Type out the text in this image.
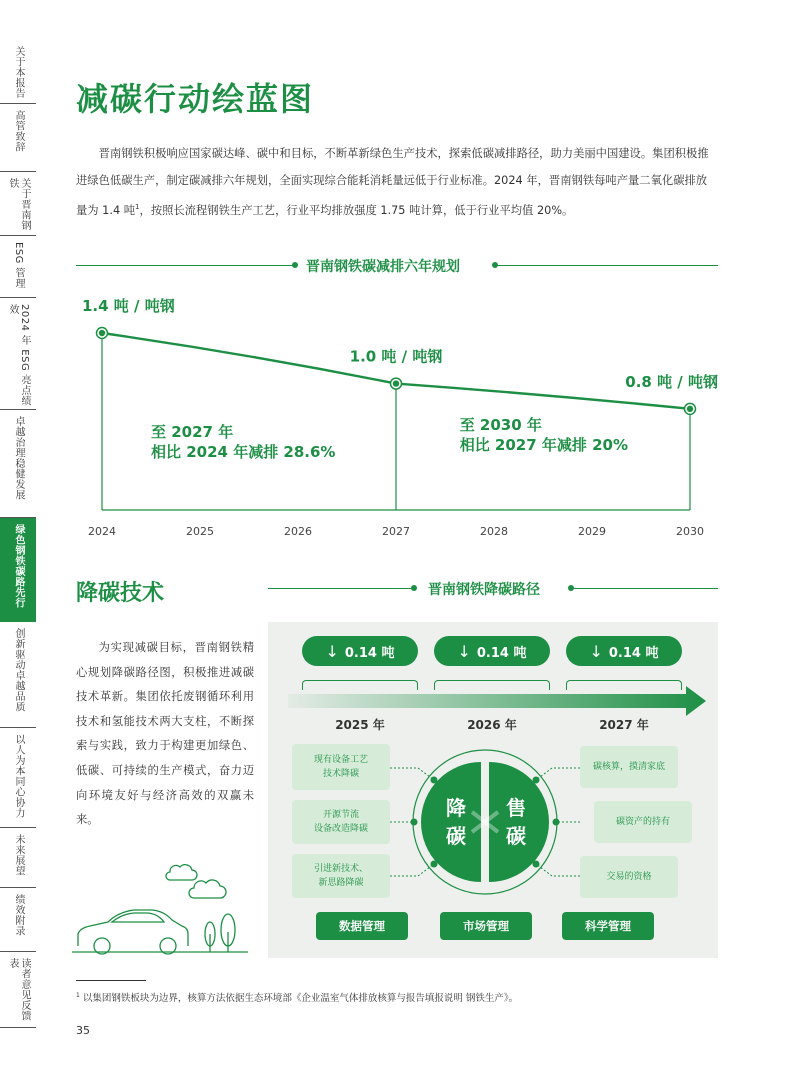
关于本报告
高管致辞
关于晋南钢铁
ESG 管理
2024 年 ESG 亮点绩效
卓越治理稳健发展
绿色钢铁碳路先行
创新驱动卓越品质
以人为本同心协力
未来展望
绩效附录
读者意见反馈表
减碳行动绘蓝图

晋南钢铁积极响应国家碳达峰、碳中和目标，不断革新绿色生产技术，探索低碳减排路径，助力美丽中国建设。集团积极推进绿色低碳生产，制定碳减排六年规划，全面实现综合能耗消耗量远低于行业标准。2024 年，晋南钢铁每吨产量二氧化碳排放量为 1.4 吨$^1$，按照长流程钢铁生产工艺，行业平均排放强度 1.75 吨计算，低于行业平均值 20%。

晋南钢铁碳减排六年规划
1.4 吨 / 吨钢
1.0 吨 / 吨钢
0.8 吨 / 吨钢
至 2027 年
相比 2024 年减排 28.6%
至 2030 年
相比 2027 年减排 20%
2024	2025	2026	2027	2028	2029	2030
降碳技术

为实现减碳目标，晋南钢铁精心规划降碳路径图，积极推进减碳技术革新。集团依托废钢循环利用技术和氢能技术两大支柱，不断探索与实践，致力于构建更加绿色、低碳、可持续的生产模式，奋力迈向环境友好与经济高效的双赢未来。

晋南钢铁降碳路径
↓ 0.14 吨	↓ 0.14 吨	↓ 0.14 吨
2025 年	2026 年	2027 年
降
碳
售
碳
现有设备工艺
技术降碳
开源节流
设备改造降碳
引进新技术、
新思路降碳
碳核算，摸清家底
碳资产的持有
交易的资格
数据管理	市场管理	科学管理
$^1$ 以集团钢铁板块为边界，核算方法依据生态环境部《企业温室气体排放核算与报告填报说明 钢铁生产》。
35
